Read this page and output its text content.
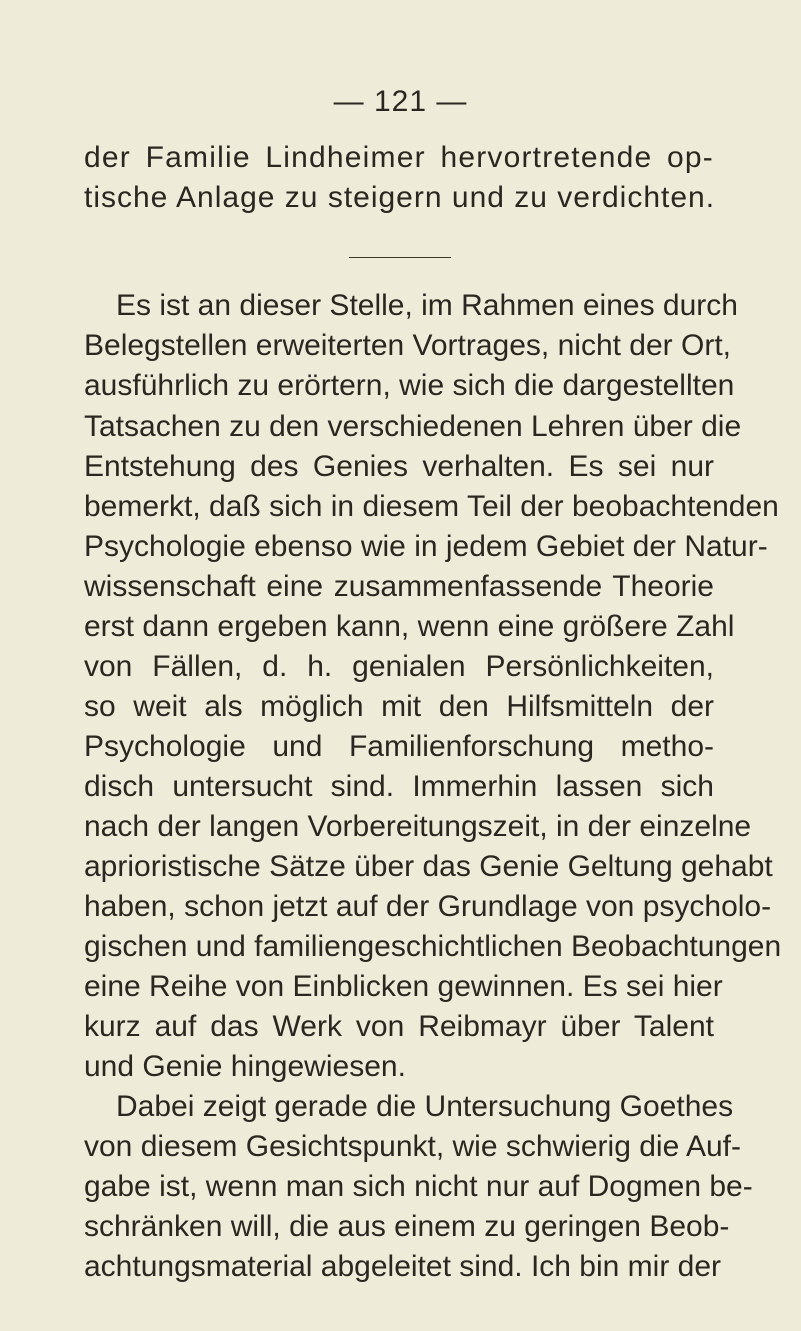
— 121 —
der Familie Lindheimer hervortretende op-
tische Anlage zu steigern und zu verdichten.
Es ist an dieser Stelle, im Rahmen eines durch
Belegstellen erweiterten Vortrages, nicht der Ort,
ausführlich zu erörtern, wie sich die dargestellten
Tatsachen zu den verschiedenen Lehren über die
Entstehung des Genies verhalten. Es sei nur
bemerkt, daß sich in diesem Teil der beobachtenden
Psychologie ebenso wie in jedem Gebiet der Natur-
wissenschaft eine zusammenfassende Theorie
erst dann ergeben kann, wenn eine größere Zahl
von Fällen, d. h. genialen Persönlichkeiten,
so weit als möglich mit den Hilfsmitteln der
Psychologie und Familienforschung metho-
disch untersucht sind. Immerhin lassen sich
nach der langen Vorbereitungszeit, in der einzelne
aprioristische Sätze über das Genie Geltung gehabt
haben, schon jetzt auf der Grundlage von psycholo-
gischen und familiengeschichtlichen Beobachtungen
eine Reihe von Einblicken gewinnen. Es sei hier
kurz auf das Werk von Reibmayr über Talent
und Genie hingewiesen.
Dabei zeigt gerade die Untersuchung Goethes
von diesem Gesichtspunkt, wie schwierig die Auf-
gabe ist, wenn man sich nicht nur auf Dogmen be-
schränken will, die aus einem zu geringen Beob-
achtungsmaterial abgeleitet sind. Ich bin mir der
